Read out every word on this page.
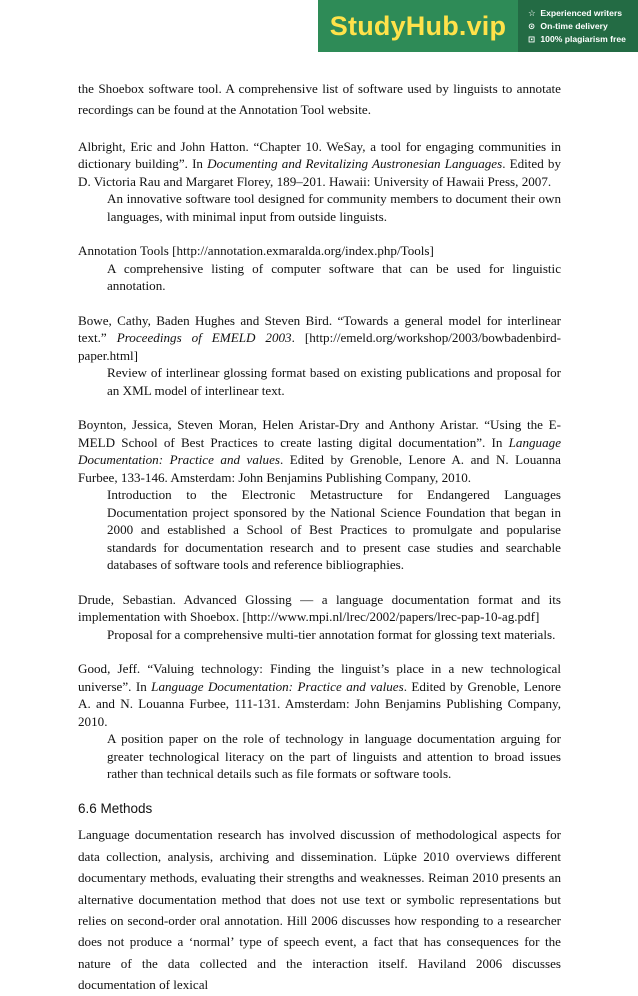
StudyHub.vip	☆ Experienced writers
⊙ On-time delivery
⊡ 100% plagiarism free

the Shoebox software tool. A comprehensive list of software used by linguists to annotate recordings can be found at the Annotation Tool website.

Albright, Eric and John Hatton. “Chapter 10. WeSay, a tool for engaging communities in dictionary building”. In Documenting and Revitalizing Austronesian Languages. Edited by D. Victoria Rau and Margaret Florey, 189–201. Hawaii: University of Hawaii Press, 2007.

An innovative software tool designed for community members to document their own languages, with minimal input from outside linguists.

Annotation Tools [http://annotation.exmaralda.org/index.php/Tools]

A comprehensive listing of computer software that can be used for linguistic annotation.

Bowe, Cathy, Baden Hughes and Steven Bird. “Towards a general model for interlinear text.” Proceedings of EMELD 2003. [http://emeld.org/workshop/2003/bowbadenbird-paper.html]

Review of interlinear glossing format based on existing publications and proposal for an XML model of interlinear text.

Boynton, Jessica, Steven Moran, Helen Aristar-Dry and Anthony Aristar. “Using the E-MELD School of Best Practices to create lasting digital documentation”. In Language Documentation: Practice and values. Edited by Grenoble, Lenore A. and N. Louanna Furbee, 133-146. Amsterdam: John Benjamins Publishing Company, 2010.

Introduction to the Electronic Metastructure for Endangered Languages Documentation project sponsored by the National Science Foundation that began in 2000 and established a School of Best Practices to promulgate and popularise standards for documentation research and to present case studies and searchable databases of software tools and reference bibliographies.

Drude, Sebastian. Advanced Glossing — a language documentation format and its implementation with Shoebox. [http://www.mpi.nl/lrec/2002/papers/lrec-pap-10-ag.pdf]

Proposal for a comprehensive multi-tier annotation format for glossing text materials.

Good, Jeff. “Valuing technology: Finding the linguist’s place in a new technological universe”. In Language Documentation: Practice and values. Edited by Grenoble, Lenore A. and N. Louanna Furbee, 111-131. Amsterdam: John Benjamins Publishing Company, 2010.

A position paper on the role of technology in language documentation arguing for greater technological literacy on the part of linguists and attention to broad issues rather than technical details such as file formats or software tools.

6.6 Methods

Language documentation research has involved discussion of methodological aspects for data collection, analysis, archiving and dissemination. Lüpke 2010 overviews different documentary methods, evaluating their strengths and weaknesses. Reiman 2010 presents an alternative documentation method that does not use text or symbolic representations but relies on second-order oral annotation. Hill 2006 discusses how responding to a researcher does not produce a ‘normal’ type of speech event, a fact that has consequences for the nature of the data collected and the interaction itself. Haviland 2006 discusses documentation of lexical
